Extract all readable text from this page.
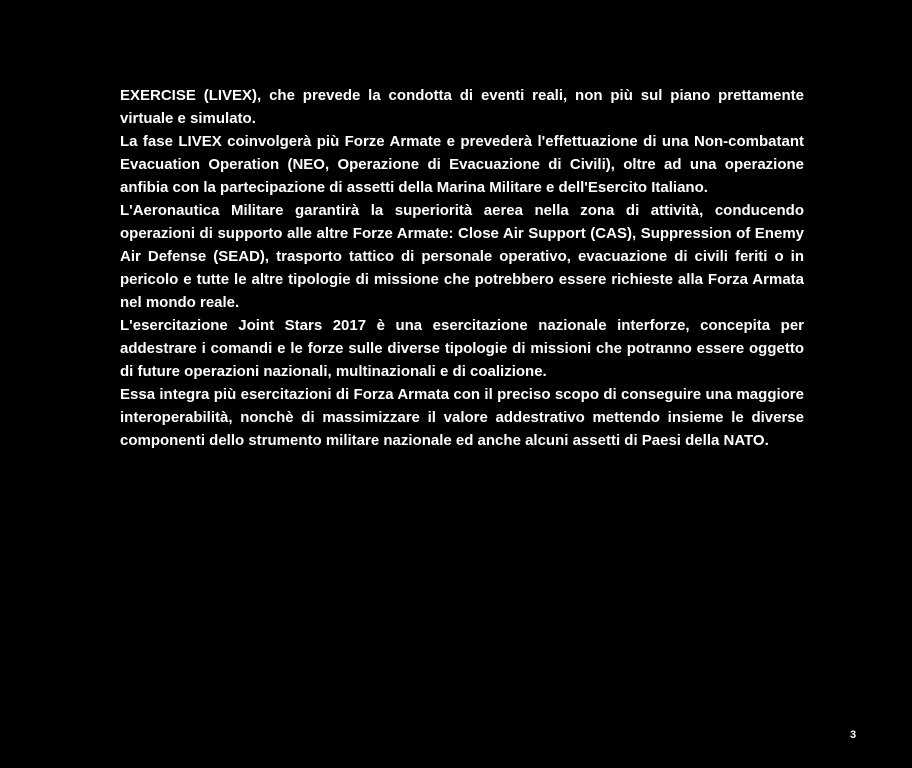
EXERCISE (LIVEX), che prevede la condotta di eventi reali, non più sul piano prettamente virtuale e simulato.

La fase LIVEX coinvolgerà più Forze Armate e prevederà l'effettuazione di una Non-combatant Evacuation Operation (NEO, Operazione di Evacuazione di Civili), oltre ad una operazione anfibia con la partecipazione di assetti della Marina Militare e dell'Esercito Italiano.

L'Aeronautica Militare garantirà la superiorità aerea nella zona di attività, conducendo operazioni di supporto alle altre Forze Armate: Close Air Support (CAS), Suppression of Enemy Air Defense (SEAD), trasporto tattico di personale operativo, evacuazione di civili feriti o in pericolo e tutte le altre tipologie di missione che potrebbero essere richieste alla Forza Armata nel mondo reale.

L'esercitazione Joint Stars 2017 è una esercitazione nazionale interforze, concepita per addestrare i comandi e le forze sulle diverse tipologie di missioni che potranno essere oggetto di future operazioni nazionali, multinazionali e di coalizione.

Essa integra più esercitazioni di Forza Armata con il preciso scopo di conseguire una maggiore interoperabilità, nonchè di massimizzare il valore addestrativo mettendo insieme le diverse componenti dello strumento militare nazionale ed anche alcuni assetti di Paesi della NATO.

3
